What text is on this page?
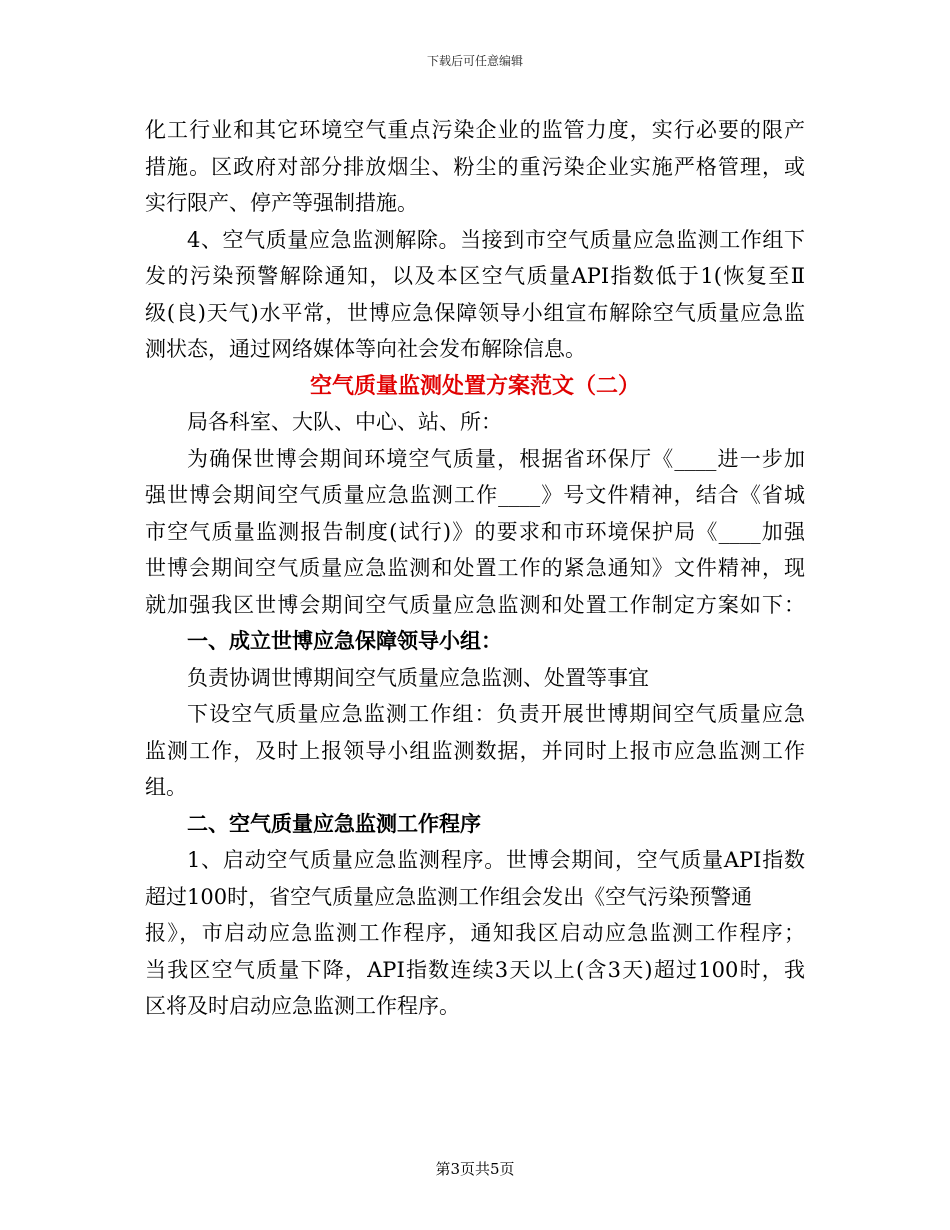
下载后可任意编辑
化工行业和其它环境空气重点污染企业的监管力度，实行必要的限产
措施。区政府对部分排放烟尘、粉尘的重污染企业实施严格管理，或
实行限产、停产等强制措施。
4、空气质量应急监测解除。当接到市空气质量应急监测工作组下
发的污染预警解除通知，以及本区空气质量API指数低于1(恢复至Ⅱ
级(良)天气)水平常，世博应急保障领导小组宣布解除空气质量应急监
测状态，通过网络媒体等向社会发布解除信息。
空气质量监测处置方案范文（二）
局各科室、大队、中心、站、所：
为确保世博会期间环境空气质量，根据省环保厅《____进一步加
强世博会期间空气质量应急监测工作____》号文件精神，结合《省城
市空气质量监测报告制度(试行)》的要求和市环境保护局《____加强
世博会期间空气质量应急监测和处置工作的紧急通知》文件精神，现
就加强我区世博会期间空气质量应急监测和处置工作制定方案如下：
一、成立世博应急保障领导小组：
负责协调世博期间空气质量应急监测、处置等事宜
下设空气质量应急监测工作组：负责开展世博期间空气质量应急
监测工作，及时上报领导小组监测数据，并同时上报市应急监测工作
组。
二、空气质量应急监测工作程序
1、启动空气质量应急监测程序。世博会期间，空气质量API指数
超过100时，省空气质量应急监测工作组会发出《空气污染预警通
报》，市启动应急监测工作程序，通知我区启动应急监测工作程序；
当我区空气质量下降，API指数连续3天以上(含3天)超过100时，我
区将及时启动应急监测工作程序。
第3页共5页
